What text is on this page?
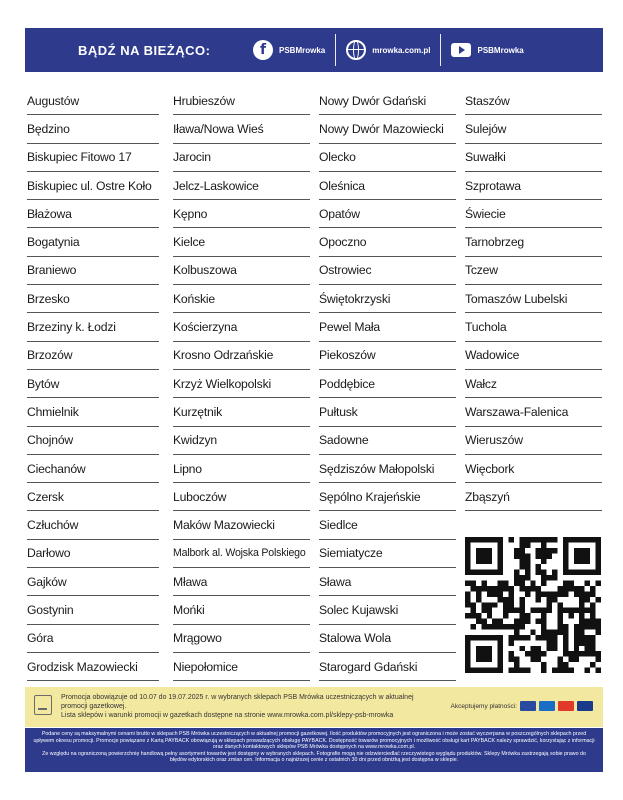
BĄDŹ NA BIEŻĄCO:	f	PSBMrowka	mrowka.com.pl	PSBMrowka
Augustów
Będzino
Biskupiec Fitowo 17
Biskupiec ul. Ostre Koło
Błażowa
Bogatynia
Braniewo
Brzesko
Brzeziny k. Łodzi
Brzozów
Bytów
Chmielnik
Chojnów
Ciechanów
Czersk
Człuchów
Darłowo
Gajków
Gostynin
Góra
Grodzisk Mazowiecki
Hrubieszów
Iława/Nowa Wieś
Jarocin
Jelcz-Laskowice
Kępno
Kielce
Kolbuszowa
Końskie
Kościerzyna
Krosno Odrzańskie
Krzyż Wielkopolski
Kurzętnik
Kwidzyn
Lipno
Luboczów
Maków Mazowiecki
Malbork al. Wojska Polskiego
Mława
Mońki
Mrągowo
Niepołomice
Nowy Dwór Gdański
Nowy Dwór Mazowiecki
Olecko
Oleśnica
Opatów
Opoczno
Ostrowiec
Świętokrzyski
Pewel Mała
Piekoszów
Poddębice
Pułtusk
Sadowne
Sędziszów Małopolski
Sępólno Krajeńskie
Siedlce
Siemiatycze
Sława
Solec Kujawski
Stalowa Wola
Starogard Gdański
Staszów
Sulejów
Suwałki
Szprotawa
Świecie
Tarnobrzeg
Tczew
Tomaszów Lubelski
Tuchola
Wadowice
Wałcz
Warszawa-Falenica
Wieruszów
Więcbork
Zbąszyń
Promocja obowiązuje od 10.07 do 19.07.2025 r. w wybranych sklepach PSB Mrówka uczestniczących w aktualnej promocji gazetkowej.
Lista sklepów i warunki promocji w gazetkach dostępne na stronie www.mrowka.com.pl/sklepy-psb-mrowka
Akceptujemy płatności:
Podane ceny są maksymalnymi cenami brutto w sklepach PSB Mrówka uczestniczących w aktualnej promocji gazetkowej. Ilość produktów promocyjnych jest ograniczona i może zostać wyczerpana w poszczególnych sklepach przed upływem okresu promocji. Promocje powiązane z Kartą PAYBACK obowiązują w sklepach prowadzących obsługę PAYBACK. Dostępność towarów promocyjnych i możliwość obsługi kart PAYBACK należy sprawdzić, korzystając z informacji oraz danych kontaktowych sklepów PSB Mrówka dostępnych na www.mrowka.com.pl.
Ze względu na ograniczoną powierzchnię handlową pełny asortyment towarów jest dostępny w wybranych sklepach. Fotografie mogą nie odzwierciedlać rzeczywistego wyglądu produktów. Sklepy Mrówka zastrzegają sobie prawo do błędów edytorskich oraz zmian cen. Informacja o najniższej cenie z ostatnich 30 dni przed obniżką jest dostępna w sklepie.
